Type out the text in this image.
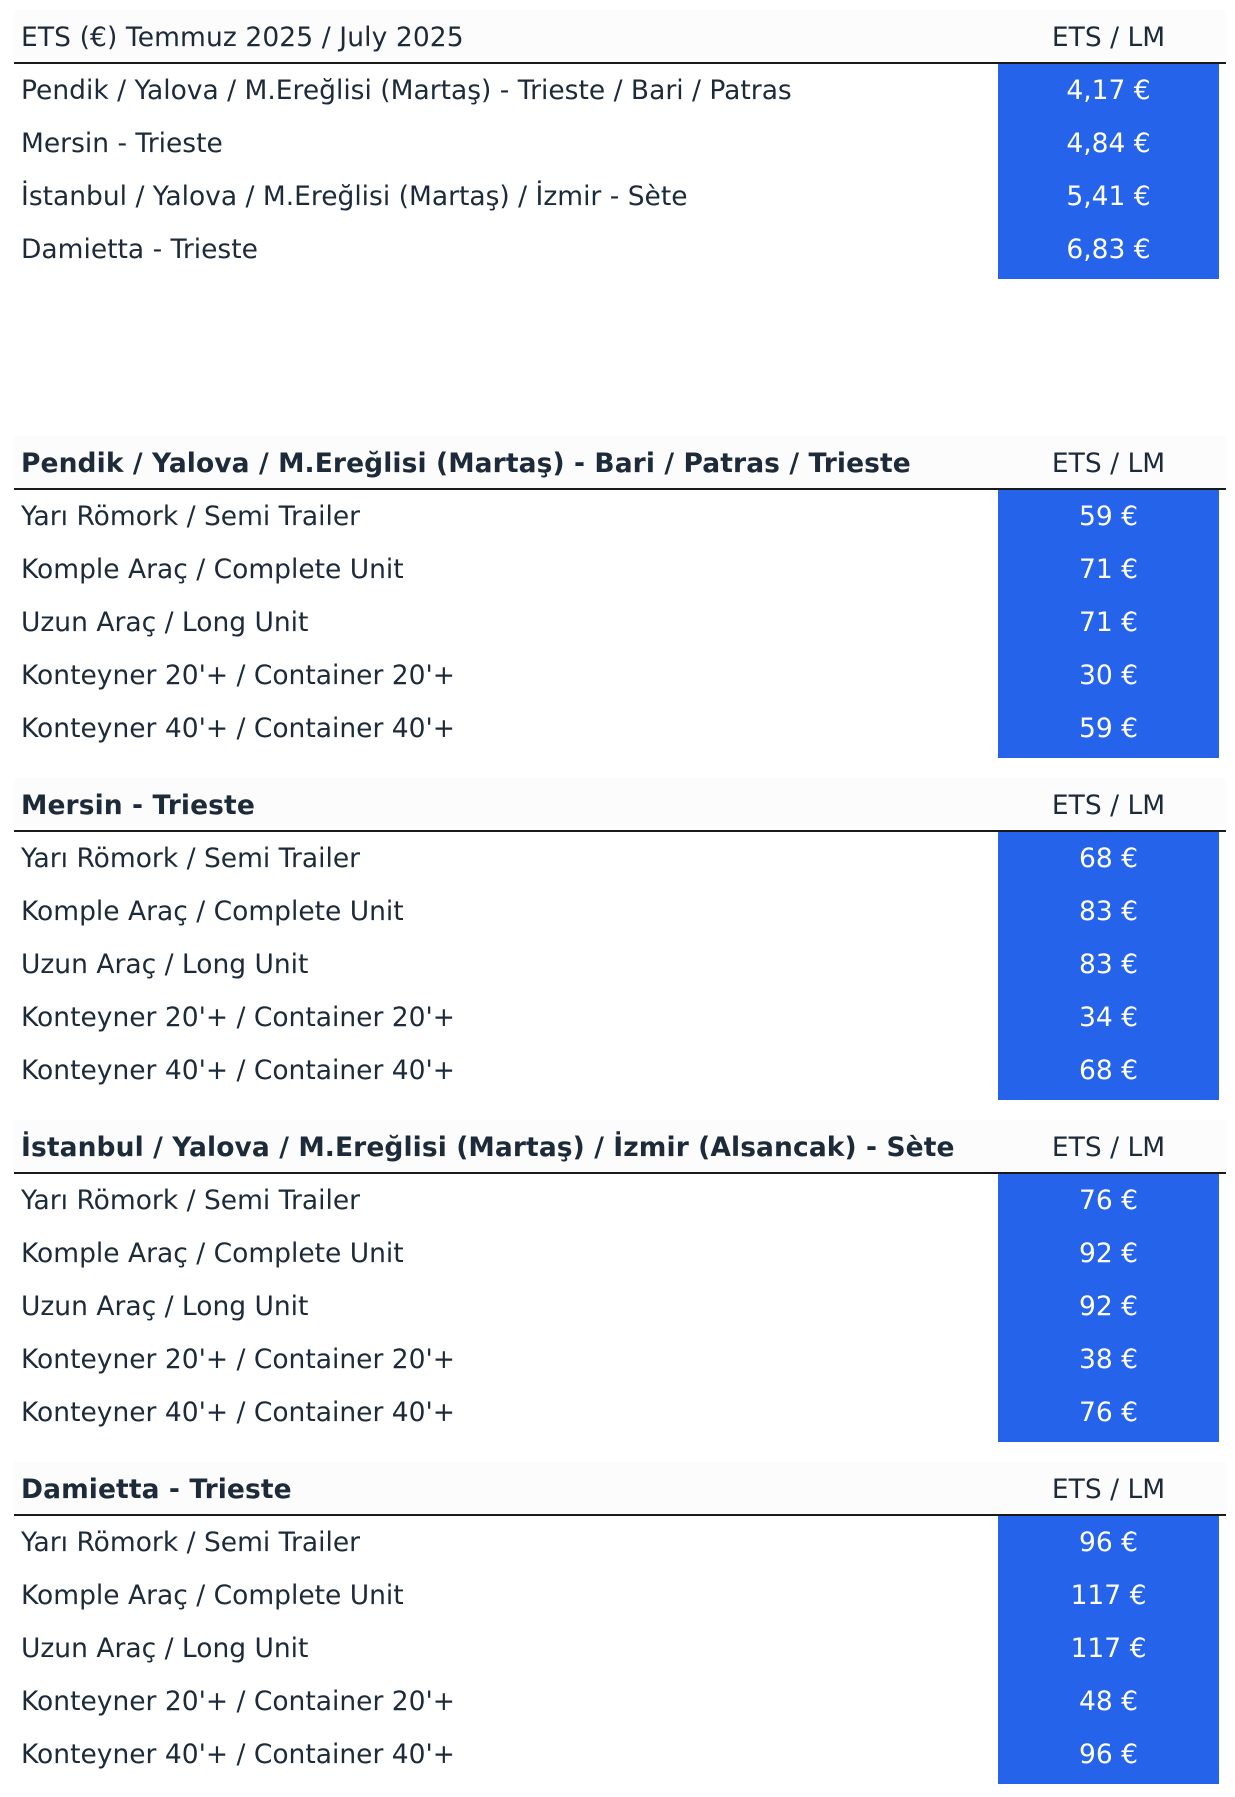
ETS (€) Temmuz 2025 / July 2025	ETS / LM
Pendik / Yalova / M.Ereğlisi (Martaş) - Trieste / Bari / Patras	4,17 €
Mersin - Trieste	4,84 €
İstanbul / Yalova / M.Ereğlisi (Martaş) / İzmir - Sète	5,41 €
Damietta - Trieste	6,83 €
Pendik / Yalova / M.Ereğlisi (Martaş) - Bari / Patras / Trieste	ETS / LM
Yarı Römork / Semi Trailer	59 €
Komple Araç / Complete Unit	71 €
Uzun Araç / Long Unit	71 €
Konteyner 20'+ / Container 20'+	30 €
Konteyner 40'+ / Container 40'+	59 €
Mersin - Trieste	ETS / LM
Yarı Römork / Semi Trailer	68 €
Komple Araç / Complete Unit	83 €
Uzun Araç / Long Unit	83 €
Konteyner 20'+ / Container 20'+	34 €
Konteyner 40'+ / Container 40'+	68 €
İstanbul / Yalova / M.Ereğlisi (Martaş) / İzmir (Alsancak) - Sète	ETS / LM
Yarı Römork / Semi Trailer	76 €
Komple Araç / Complete Unit	92 €
Uzun Araç / Long Unit	92 €
Konteyner 20'+ / Container 20'+	38 €
Konteyner 40'+ / Container 40'+	76 €
Damietta - Trieste	ETS / LM
Yarı Römork / Semi Trailer	96 €
Komple Araç / Complete Unit	117 €
Uzun Araç / Long Unit	117 €
Konteyner 20'+ / Container 20'+	48 €
Konteyner 40'+ / Container 40'+	96 €
